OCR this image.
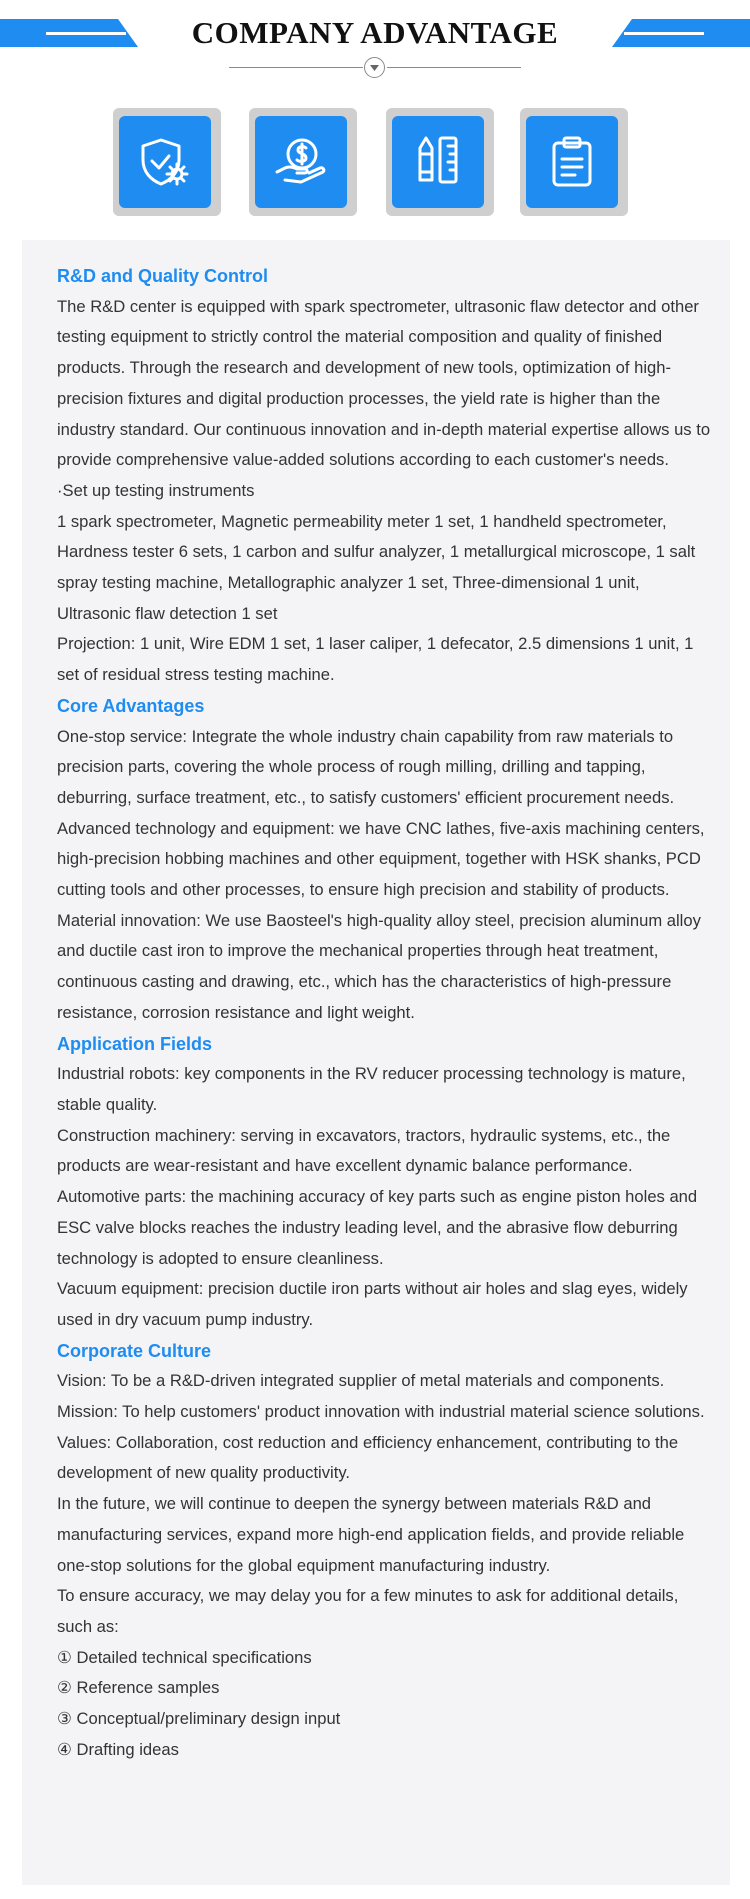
COMPANY ADVANTAGE
R&D and Quality Control

The R&D center is equipped with spark spectrometer, ultrasonic flaw detector and other testing equipment to strictly control the material composition and quality of finished products. Through the research and development of new tools, optimization of high-precision fixtures and digital production processes, the yield rate is higher than the industry standard. Our continuous innovation and in-depth material expertise allows us to provide comprehensive value-added solutions according to each customer's needs.

·Set up testing instruments

1 spark spectrometer, Magnetic permeability meter 1 set, 1 handheld spectrometer, Hardness tester 6 sets, 1 carbon and sulfur analyzer, 1 metallurgical microscope, 1 salt spray testing machine, Metallographic analyzer 1 set, Three-dimensional 1 unit, Ultrasonic flaw detection 1 set

Projection: 1 unit, Wire EDM 1 set, 1 laser caliper, 1 defecator, 2.5 dimensions 1 unit, 1 set of residual stress testing machine.

Core Advantages

One-stop service: Integrate the whole industry chain capability from raw materials to precision parts, covering the whole process of rough milling, drilling and tapping, deburring, surface treatment, etc., to satisfy customers' efficient procurement needs.

Advanced technology and equipment: we have CNC lathes, five-axis machining centers, high-precision hobbing machines and other equipment, together with HSK shanks, PCD cutting tools and other processes, to ensure high precision and stability of products.

Material innovation: We use Baosteel's high-quality alloy steel, precision aluminum alloy and ductile cast iron to improve the mechanical properties through heat treatment, continuous casting and drawing, etc., which has the characteristics of high-pressure resistance, corrosion resistance and light weight.

Application Fields

Industrial robots: key components in the RV reducer processing technology is mature, stable quality.

Construction machinery: serving in excavators, tractors, hydraulic systems, etc., the products are wear-resistant and have excellent dynamic balance performance.

Automotive parts: the machining accuracy of key parts such as engine piston holes and ESC valve blocks reaches the industry leading level, and the abrasive flow deburring technology is adopted to ensure cleanliness.

Vacuum equipment: precision ductile iron parts without air holes and slag eyes, widely used in dry vacuum pump industry.

Corporate Culture

Vision: To be a R&D-driven integrated supplier of metal materials and components.

Mission: To help customers' product innovation with industrial material science solutions.

Values: Collaboration, cost reduction and efficiency enhancement, contributing to the development of new quality productivity.

In the future, we will continue to deepen the synergy between materials R&D and manufacturing services, expand more high-end application fields, and provide reliable one-stop solutions for the global equipment manufacturing industry.

To ensure accuracy, we may delay you for a few minutes to ask for additional details, such as:

① Detailed technical specifications

② Reference samples

③ Conceptual/preliminary design input

④ Drafting ideas
